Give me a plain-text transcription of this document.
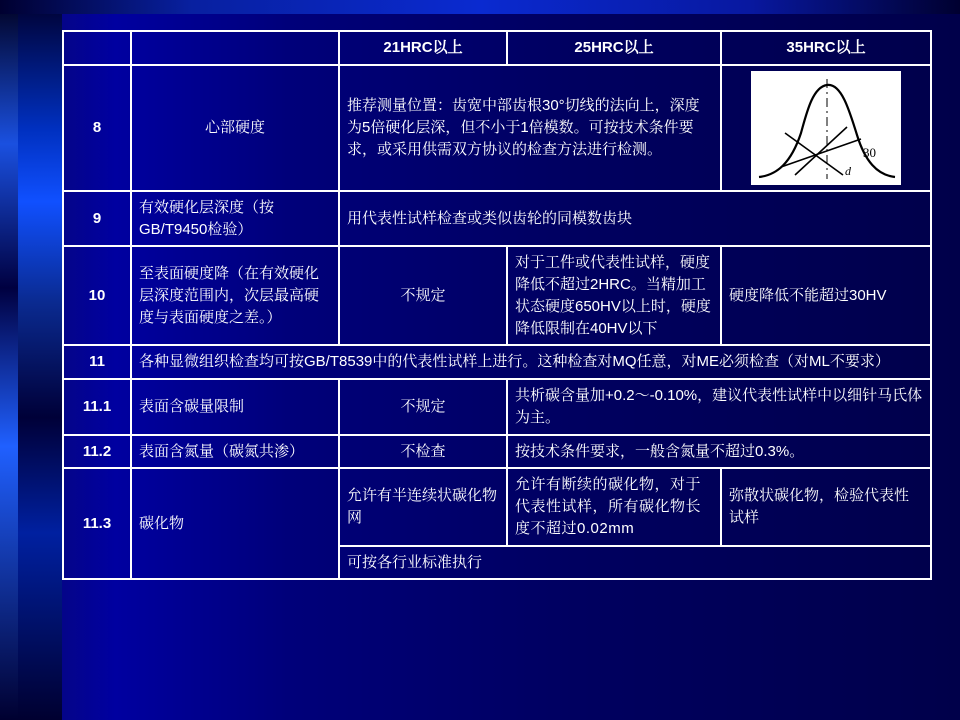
		21HRC以上	25HRC以上	35HRC以上
8	心部硬度	推荐测量位置：齿宽中部齿根30°切线的法向上，深度为5倍硬化层深，但不小于1倍模数。可按技术条件要求，或采用供需双方协议的检查方法进行检测。		30
d

9	有效硬化层深度（按GB/T9450检验）	用代表性试样检查或类似齿轮的同模数齿块		
10	至表面硬度降（在有效硬化层深度范围内，次层最高硬度与表面硬度之差。）	不规定	对于工件或代表性试样，硬度降低不超过2HRC。当精加工状态硬度650HV以上时，硬度降低限制在40HV以下	硬度降低不能超过30HV
11	各种显微组织检查均可按GB/T8539中的代表性试样上进行。这种检查对MQ任意，对ME必须检查（对ML不要求）			
11.1	表面含碳量限制	不规定	共析碳含量加+0.2～-0.10%，建议代表性试样中以细针马氏体为主。	
11.2	表面含氮量（碳氮共渗）	不检查	按技术条件要求，一般含氮量不超过0.3%。	
11.3	碳化物	允许有半连续状碳化物网	允许有断续的碳化物，对于代表性试样，所有碳化物长度不超过0.02mm	弥散状碳化物，检验代表性试样
		可按各行业标准执行		
